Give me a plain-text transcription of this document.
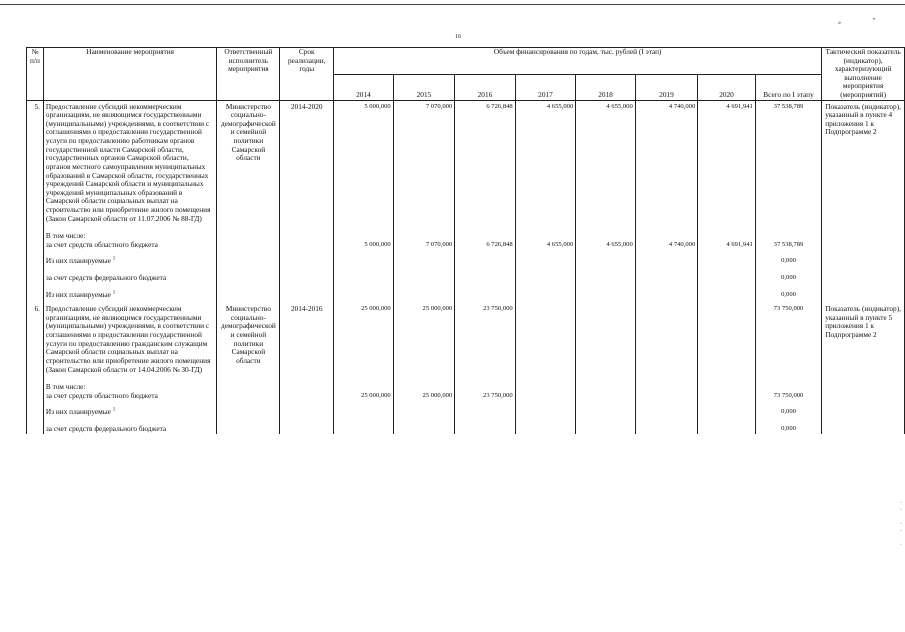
16
»	•
№ п/п	Наименование мероприятия	Ответственный исполнитель мероприятия	Срок реализации, годы	Объем финансирования по годам, тыс. рублей (I этап)								Тактический показатель (индикатор), характеризующий выполнение мероприятия (мероприятий)
				2014	2015	2016	2017	2018	2019	2020	Всего по I этапу	
5.	Предоставление субсидий некоммерческим организациям, не являющимся государственными (муниципальными) учреждениями, в соответствии с соглашениями о предоставлении государственной услуги по предоставлению работникам органов государственной власти Самарской области, государственных органов Самарской области, органов местного самоуправления муниципальных образований в Самарской области, государственных учреждений Самарской области и муниципальных учреждений муниципальных образований в Самарской области социальных выплат на строительство или приобретение жилого помещения (Закон Самарской области от 11.07.2006 № 88-ГД)	Министерство социально-демографической и семейной политики Самарской области	2014-2020	5 000,000	7 070,000	6 726,848	4 655,000	4 655,000	4 740,000	4 691,941	37 538,789	Показатель (индикатор), указанный в пункте 4 приложения 1 к Подпрограмме 2
	В том числе:											
	за счет средств областного бюджета			5 000,000	7 070,000	6 726,848	4 655,000	4 655,000	4 740,000	4 691,941	37 538,789	
	Из них планируемые $^1$										0,000	
	за счет средств федерального бюджета										0,000	
	Из них планируемые $^1$										0,000	
6.	Предоставление субсидий некоммерческим организациям, не являющимся государственными (муниципальными) учреждениями, в соответствии с соглашениями о предоставлении государственной услуги по предоставлению гражданским служащим Самарской области социальных выплат на строительство или приобретение жилого помещения (Закон Самарской области от 14.04.2006 № 30-ГД)	Министерство социально-демографической и семейной политики Самарской области	2014-2016	25 000,000	25 000,000	23 750,000					73 750,000	Показатель (индикатор), указанный в пункте 5 приложения 1 к Подпрограмме 2
	В том числе:											
	за счет средств областного бюджета			25 000,000	25 000,000	23 750,000					73 750,000	
	Из них планируемые $^1$										0,000	
	за счет средств федерального бюджета										0,000	
·
·

·
·

·
